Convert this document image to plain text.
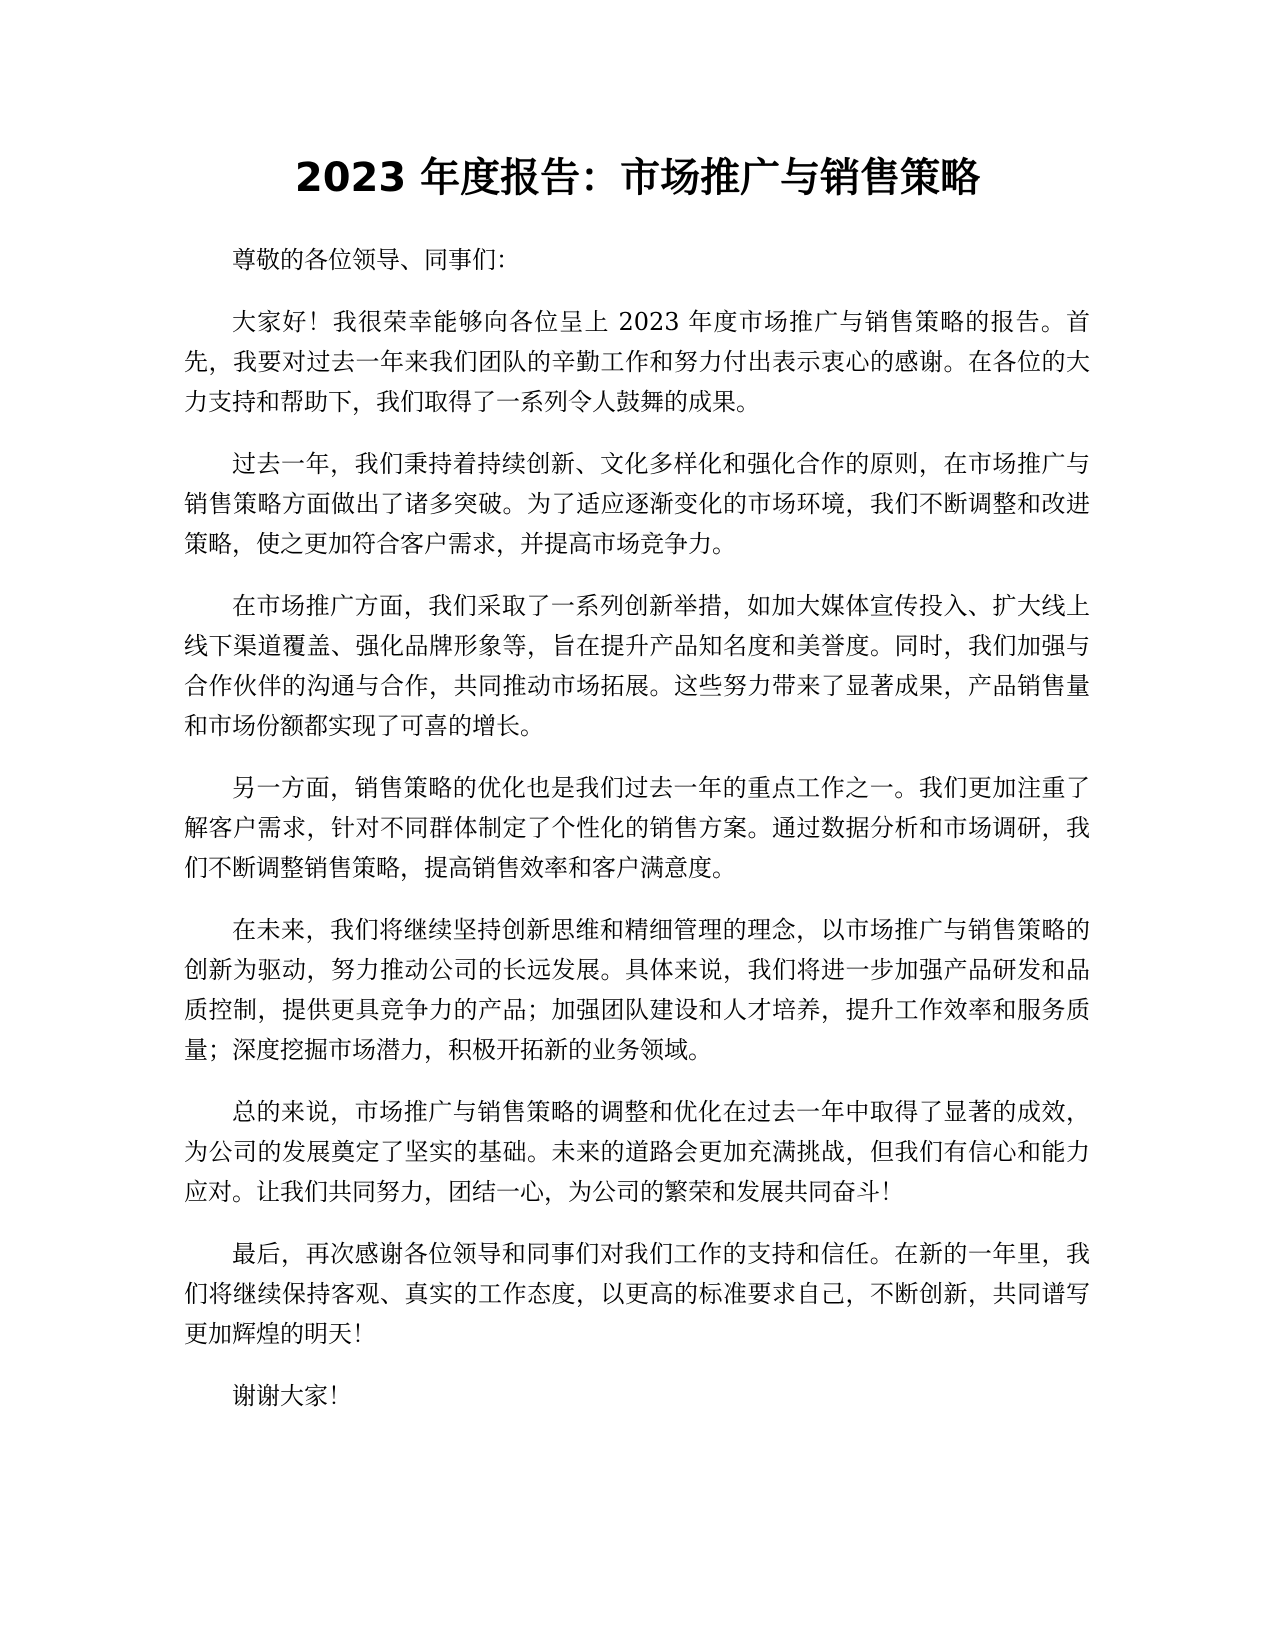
2023 年度报告：市场推广与销售策略

尊敬的各位领导、同事们：

大家好！我很荣幸能够向各位呈上 2023 年度市场推广与销售策略的报告。首先，我要对过去一年来我们团队的辛勤工作和努力付出表示衷心的感谢。在各位的大力支持和帮助下，我们取得了一系列令人鼓舞的成果。

过去一年，我们秉持着持续创新、文化多样化和强化合作的原则，在市场推广与销售策略方面做出了诸多突破。为了适应逐渐变化的市场环境，我们不断调整和改进策略，使之更加符合客户需求，并提高市场竞争力。

在市场推广方面，我们采取了一系列创新举措，如加大媒体宣传投入、扩大线上线下渠道覆盖、强化品牌形象等，旨在提升产品知名度和美誉度。同时，我们加强与合作伙伴的沟通与合作，共同推动市场拓展。这些努力带来了显著成果，产品销售量和市场份额都实现了可喜的增长。

另一方面，销售策略的优化也是我们过去一年的重点工作之一。我们更加注重了解客户需求，针对不同群体制定了个性化的销售方案。通过数据分析和市场调研，我们不断调整销售策略，提高销售效率和客户满意度。

在未来，我们将继续坚持创新思维和精细管理的理念，以市场推广与销售策略的创新为驱动，努力推动公司的长远发展。具体来说，我们将进一步加强产品研发和品质控制，提供更具竞争力的产品；加强团队建设和人才培养，提升工作效率和服务质量；深度挖掘市场潜力，积极开拓新的业务领域。

总的来说，市场推广与销售策略的调整和优化在过去一年中取得了显著的成效，为公司的发展奠定了坚实的基础。未来的道路会更加充满挑战，但我们有信心和能力应对。让我们共同努力，团结一心，为公司的繁荣和发展共同奋斗！

最后，再次感谢各位领导和同事们对我们工作的支持和信任。在新的一年里，我们将继续保持客观、真实的工作态度，以更高的标准要求自己，不断创新，共同谱写更加辉煌的明天！

谢谢大家！
